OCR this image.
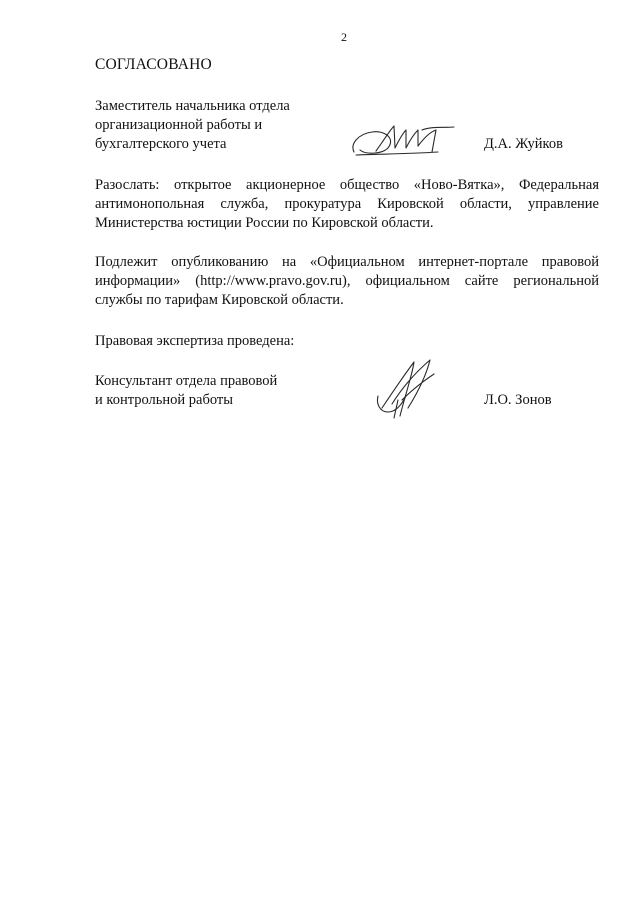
2
СОГЛАСОВАНО
Заместитель начальника отдела
организационной работы и
бухгалтерского учета	Д.А. Жуйков

Разослать: открытое акционерное общество «Ново-Вятка», Федеральная антимонопольная служба, прокуратура Кировской области, управление Министерства юстиции России по Кировской области.

Подлежит опубликованию на «Официальном интернет-портале правовой информации» (http://www.pravo.gov.ru), официальном сайте региональной службы по тарифам Кировской области.

Правовая экспертиза проведена:
Консультант отдела правовой
и контрольной работы	Л.О. Зонов
